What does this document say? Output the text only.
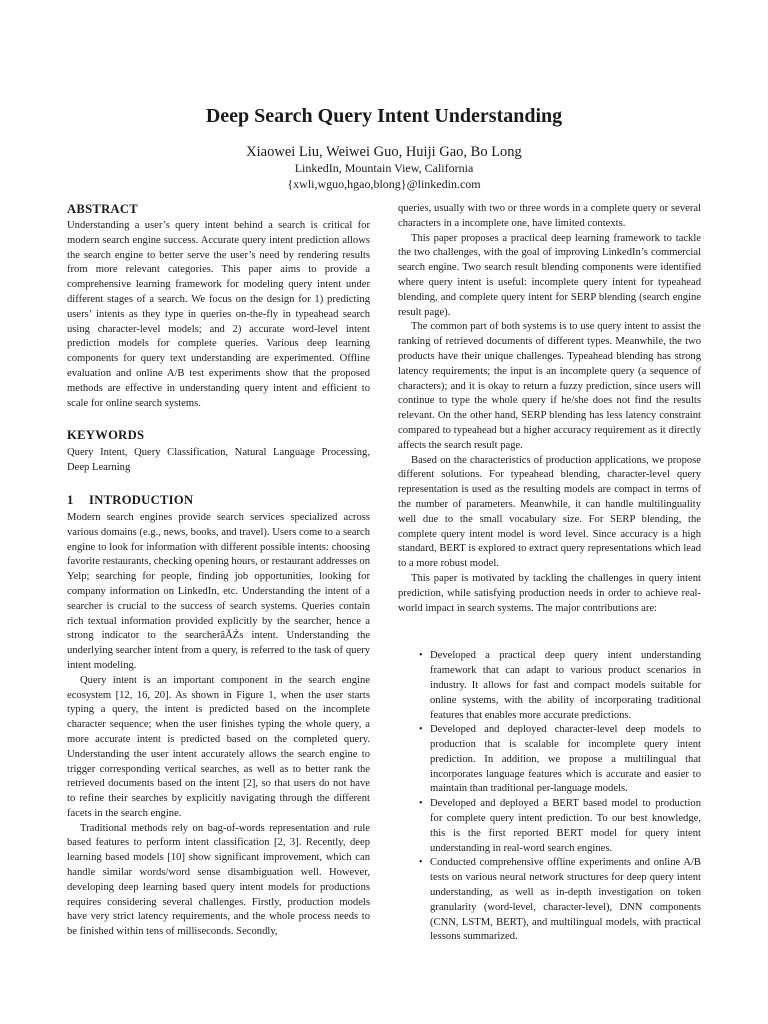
Deep Search Query Intent Understanding
Xiaowei Liu, Weiwei Guo, Huiji Gao, Bo Long
LinkedIn, Mountain View, California
{xwli,wguo,hgao,blong}@linkedin.com
ABSTRACT

Understanding a user’s query intent behind a search is critical for modern search engine success. Accurate query intent prediction allows the search engine to better serve the user’s need by rendering results from more relevant categories. This paper aims to provide a comprehensive learning framework for modeling query intent under different stages of a search. We focus on the design for 1) predicting users’ intents as they type in queries on-the-fly in typeahead search using character-level models; and 2) accurate word-level intent prediction models for complete queries. Various deep learning components for query text understanding are experimented. Offline evaluation and online A/B test experiments show that the proposed methods are effective in understanding query intent and efficient to scale for online search systems.

KEYWORDS

Query Intent, Query Classification, Natural Language Processing, Deep Learning

1 INTRODUCTION

Modern search engines provide search services specialized across various domains (e.g., news, books, and travel). Users come to a search engine to look for information with different possible intents: choosing favorite restaurants, checking opening hours, or restaurant addresses on Yelp; searching for people, finding job opportunities, looking for company information on LinkedIn, etc. Understanding the intent of a searcher is crucial to the success of search systems. Queries contain rich textual information provided explicitly by the searcher, hence a strong indicator to the searcherâĂŹs intent. Understanding the underlying searcher intent from a query, is referred to the task of query intent modeling.

Query intent is an important component in the search engine ecosystem [12, 16, 20]. As shown in Figure 1, when the user starts typing a query, the intent is predicted based on the incomplete character sequence; when the user finishes typing the whole query, a more accurate intent is predicted based on the completed query. Understanding the user intent accurately allows the search engine to trigger corresponding vertical searches, as well as to better rank the retrieved documents based on the intent [2], so that users do not have to refine their searches by explicitly navigating through the different facets in the search engine.

Traditional methods rely on bag-of-words representation and rule based features to perform intent classification [2, 3]. Recently, deep learning based models [10] show significant improvement, which can handle similar words/word sense disambiguation well. However, developing deep learning based query intent models for productions requires considering several challenges. Firstly, production models have very strict latency requirements, and the whole process needs to be finished within tens of milliseconds. Secondly,

queries, usually with two or three words in a complete query or several characters in a incomplete one, have limited contexts.

This paper proposes a practical deep learning framework to tackle the two challenges, with the goal of improving LinkedIn’s commercial search engine. Two search result blending components were identified where query intent is useful: incomplete query intent for typeahead blending, and complete query intent for SERP blending (search engine result page).

The common part of both systems is to use query intent to assist the ranking of retrieved documents of different types. Meanwhile, the two products have their unique challenges. Typeahead blending has strong latency requirements; the input is an incomplete query (a sequence of characters); and it is okay to return a fuzzy prediction, since users will continue to type the whole query if he/she does not find the results relevant. On the other hand, SERP blending has less latency constraint compared to typeahead but a higher accuracy requirement as it directly affects the search result page.

Based on the characteristics of production applications, we propose different solutions. For typeahead blending, character-level query representation is used as the resulting models are compact in terms of the number of parameters. Meanwhile, it can handle multilinguality well due to the small vocabulary size. For SERP blending, the complete query intent model is word level. Since accuracy is a high standard, BERT is explored to extract query representations which lead to a more robust model.

This paper is motivated by tackling the challenges in query intent prediction, while satisfying production needs in order to achieve real-world impact in search systems. The major contributions are:

• Developed a practical deep query intent understanding framework that can adapt to various product scenarios in industry. It allows for fast and compact models suitable for online systems, with the ability of incorporating traditional features that enables more accurate predictions.
• Developed and deployed character-level deep models to production that is scalable for incomplete query intent prediction. In addition, we propose a multilingual that incorporates language features which is accurate and easier to maintain than traditional per-language models.
• Developed and deployed a BERT based model to production for complete query intent prediction. To our best knowledge, this is the first reported BERT model for query intent understanding in real-word search engines.
• Conducted comprehensive offline experiments and online A/B tests on various neural network structures for deep query intent understanding, as well as in-depth investigation on token granularity (word-level, character-level), DNN components (CNN, LSTM, BERT), and multilingual models, with practical lessons summarized.
